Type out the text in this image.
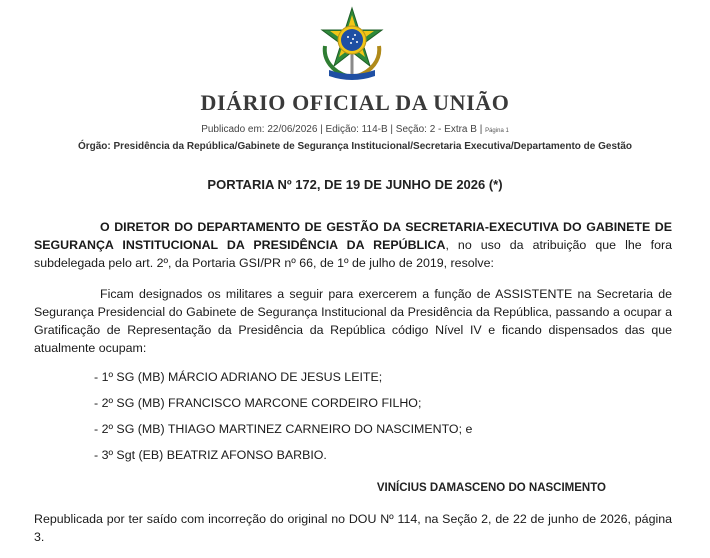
DIÁRIO OFICIAL DA UNIÃO
Publicado em: 22/06/2026 | Edição: 114-B | Seção: 2 - Extra B | Página 1
Órgão: Presidência da República/Gabinete de Segurança Institucional/Secretaria Executiva/Departamento de Gestão
PORTARIA Nº 172, DE 19 DE JUNHO DE 2026 (*)
O DIRETOR DO DEPARTAMENTO DE GESTÃO DA SECRETARIA-EXECUTIVA DO GABINETE DE SEGURANÇA INSTITUCIONAL DA PRESIDÊNCIA DA REPÚBLICA, no uso da atribuição que lhe fora subdelegada pelo art. 2º, da Portaria GSI/PR nº 66, de 1º de julho de 2019, resolve:
Ficam designados os militares a seguir para exercerem a função de ASSISTENTE na Secretaria de Segurança Presidencial do Gabinete de Segurança Institucional da Presidência da República, passando a ocupar a Gratificação de Representação da Presidência da República código Nível IV e ficando dispensados das que atualmente ocupam:
- 1º SG (MB) MÁRCIO ADRIANO DE JESUS LEITE;
- 2º SG (MB) FRANCISCO MARCONE CORDEIRO FILHO;
- 2º SG (MB) THIAGO MARTINEZ CARNEIRO DO NASCIMENTO; e
- 3º Sgt (EB) BEATRIZ AFONSO BARBIO.
VINÍCIUS DAMASCENO DO NASCIMENTO
Republicada por ter saído com incorreção do original no DOU Nº 114, na Seção 2, de 22 de junho de 2026, página 3.
